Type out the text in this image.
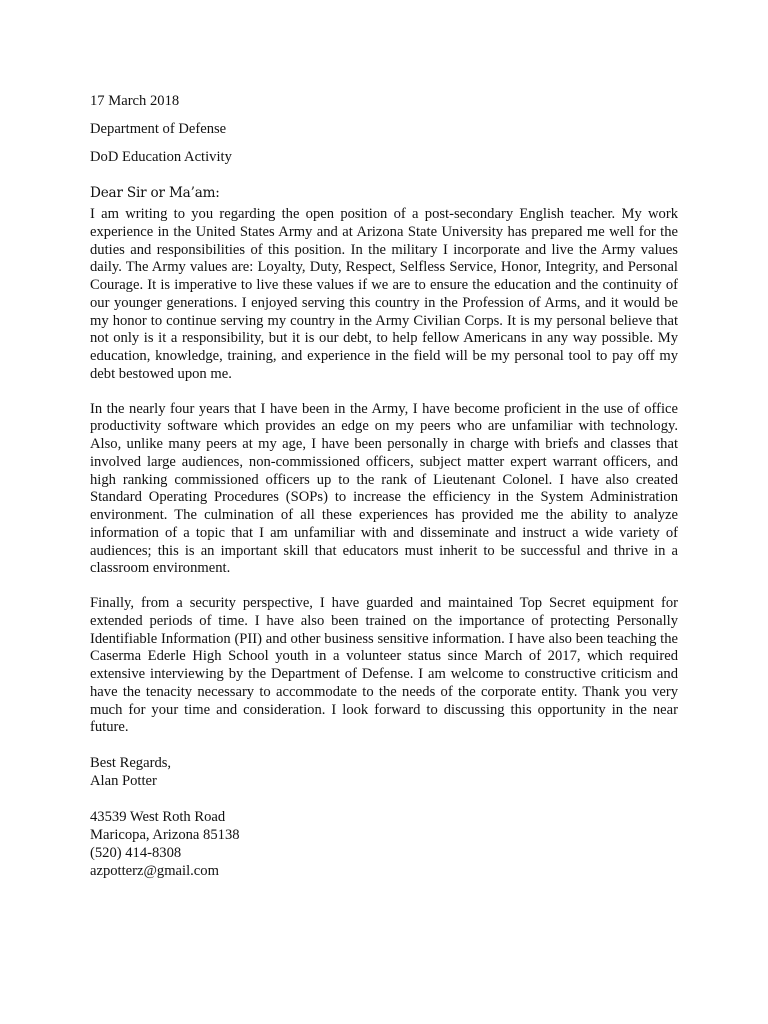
17 March 2018

Department of Defense

DoD Education Activity

Dear Sir or Ma’am:

I am writing to you regarding the open position of a post-secondary English teacher. My work experience in the United States Army and at Arizona State University has prepared me well for the duties and responsibilities of this position. In the military I incorporate and live the Army values daily. The Army values are: Loyalty, Duty, Respect, Selfless Service, Honor, Integrity, and Personal Courage. It is imperative to live these values if we are to ensure the education and the continuity of our younger generations. I enjoyed serving this country in the Profession of Arms, and it would be my honor to continue serving my country in the Army Civilian Corps. It is my personal believe that not only is it a responsibility, but it is our debt, to help fellow Americans in any way possible. My education, knowledge, training, and experience in the field will be my personal tool to pay off my debt bestowed upon me.

In the nearly four years that I have been in the Army, I have become proficient in the use of office productivity software which provides an edge on my peers who are unfamiliar with technology. Also, unlike many peers at my age, I have been personally in charge with briefs and classes that involved large audiences, non-commissioned officers, subject matter expert warrant officers, and high ranking commissioned officers up to the rank of Lieutenant Colonel. I have also created Standard Operating Procedures (SOPs) to increase the efficiency in the System Administration environment. The culmination of all these experiences has provided me the ability to analyze information of a topic that I am unfamiliar with and disseminate and instruct a wide variety of audiences; this is an important skill that educators must inherit to be successful and thrive in a classroom environment.

Finally, from a security perspective, I have guarded and maintained Top Secret equipment for extended periods of time. I have also been trained on the importance of protecting Personally Identifiable Information (PII) and other business sensitive information. I have also been teaching the Caserma Ederle High School youth in a volunteer status since March of 2017, which required extensive interviewing by the Department of Defense. I am welcome to constructive criticism and have the tenacity necessary to accommodate to the needs of the corporate entity. Thank you very much for your time and consideration. I look forward to discussing this opportunity in the near future.

Best Regards,

Alan Potter

43539 West Roth Road

Maricopa, Arizona 85138

(520) 414-8308

azpotterz@gmail.com
